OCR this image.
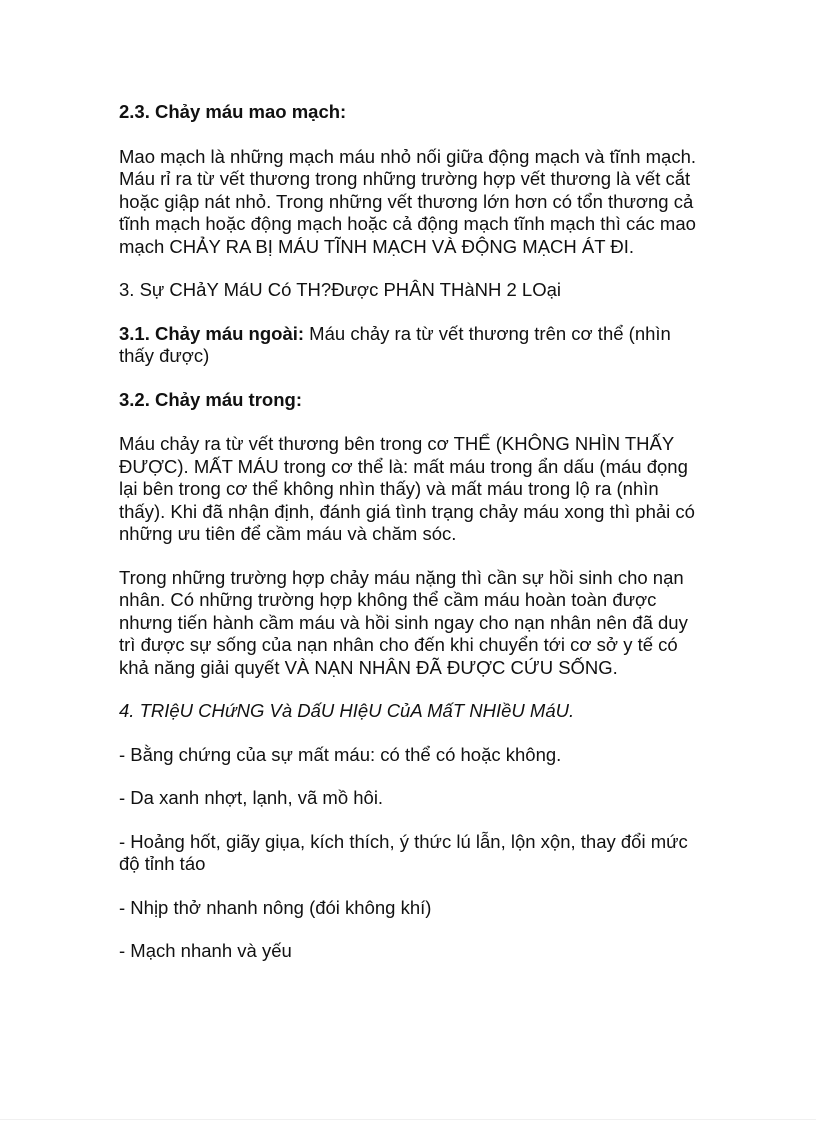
2.3. Chảy máu mao mạch:

Mao mạch là những mạch máu nhỏ nối giữa động mạch và tĩnh mạch. Máu rỉ ra từ vết thương trong những trường hợp vết thương là vết cắt hoặc giập nát nhỏ. Trong những vết thương lớn hơn có tổn thương cả tĩnh mạch hoặc động mạch hoặc cả động mạch tĩnh mạch thì các mao mạch CHẢY RA BỊ MÁU TĨNH MẠCH VÀ ĐỘNG MẠCH ÁT ĐI.

3. Sự CHảY MáU Có TH?Được PHÂN THàNH 2 LOại

3.1. Chảy máu ngoài: Máu chảy ra từ vết thương trên cơ thể (nhìn thấy được)

3.2. Chảy máu trong:

Máu chảy ra từ vết thương bên trong cơ THỂ (KHÔNG NHÌN THẤY ĐƯỢC). MẤT MÁU trong cơ thể là: mất máu trong ẩn dấu (máu đọng lại bên trong cơ thể không nhìn thấy) và mất máu trong lộ ra (nhìn thấy). Khi đã nhận định, đánh giá tình trạng chảy máu xong thì phải có những ưu tiên để cầm máu và chăm sóc.

Trong những trường hợp chảy máu nặng thì cần sự hồi sinh cho nạn nhân. Có những trường hợp không thể cầm máu hoàn toàn được nhưng tiến hành cầm máu và hồi sinh ngay cho nạn nhân nên đã duy trì được sự sống của nạn nhân cho đến khi chuyển tới cơ sở y tế có khả năng giải quyết VÀ NẠN NHÂN ĐÃ ĐƯỢC CỨU SỐNG.

4. TRIệU CHứNG Và DấU HIệU CủA MấT NHIềU MáU.

- Bằng chứng của sự mất máu: có thể có hoặc không.

- Da xanh nhợt, lạnh, vã mồ hôi.

- Hoảng hốt, giãy giụa, kích thích, ý thức lú lẫn, lộn xộn, thay đổi mức độ tỉnh táo

- Nhịp thở nhanh nông (đói không khí)

- Mạch nhanh và yếu
